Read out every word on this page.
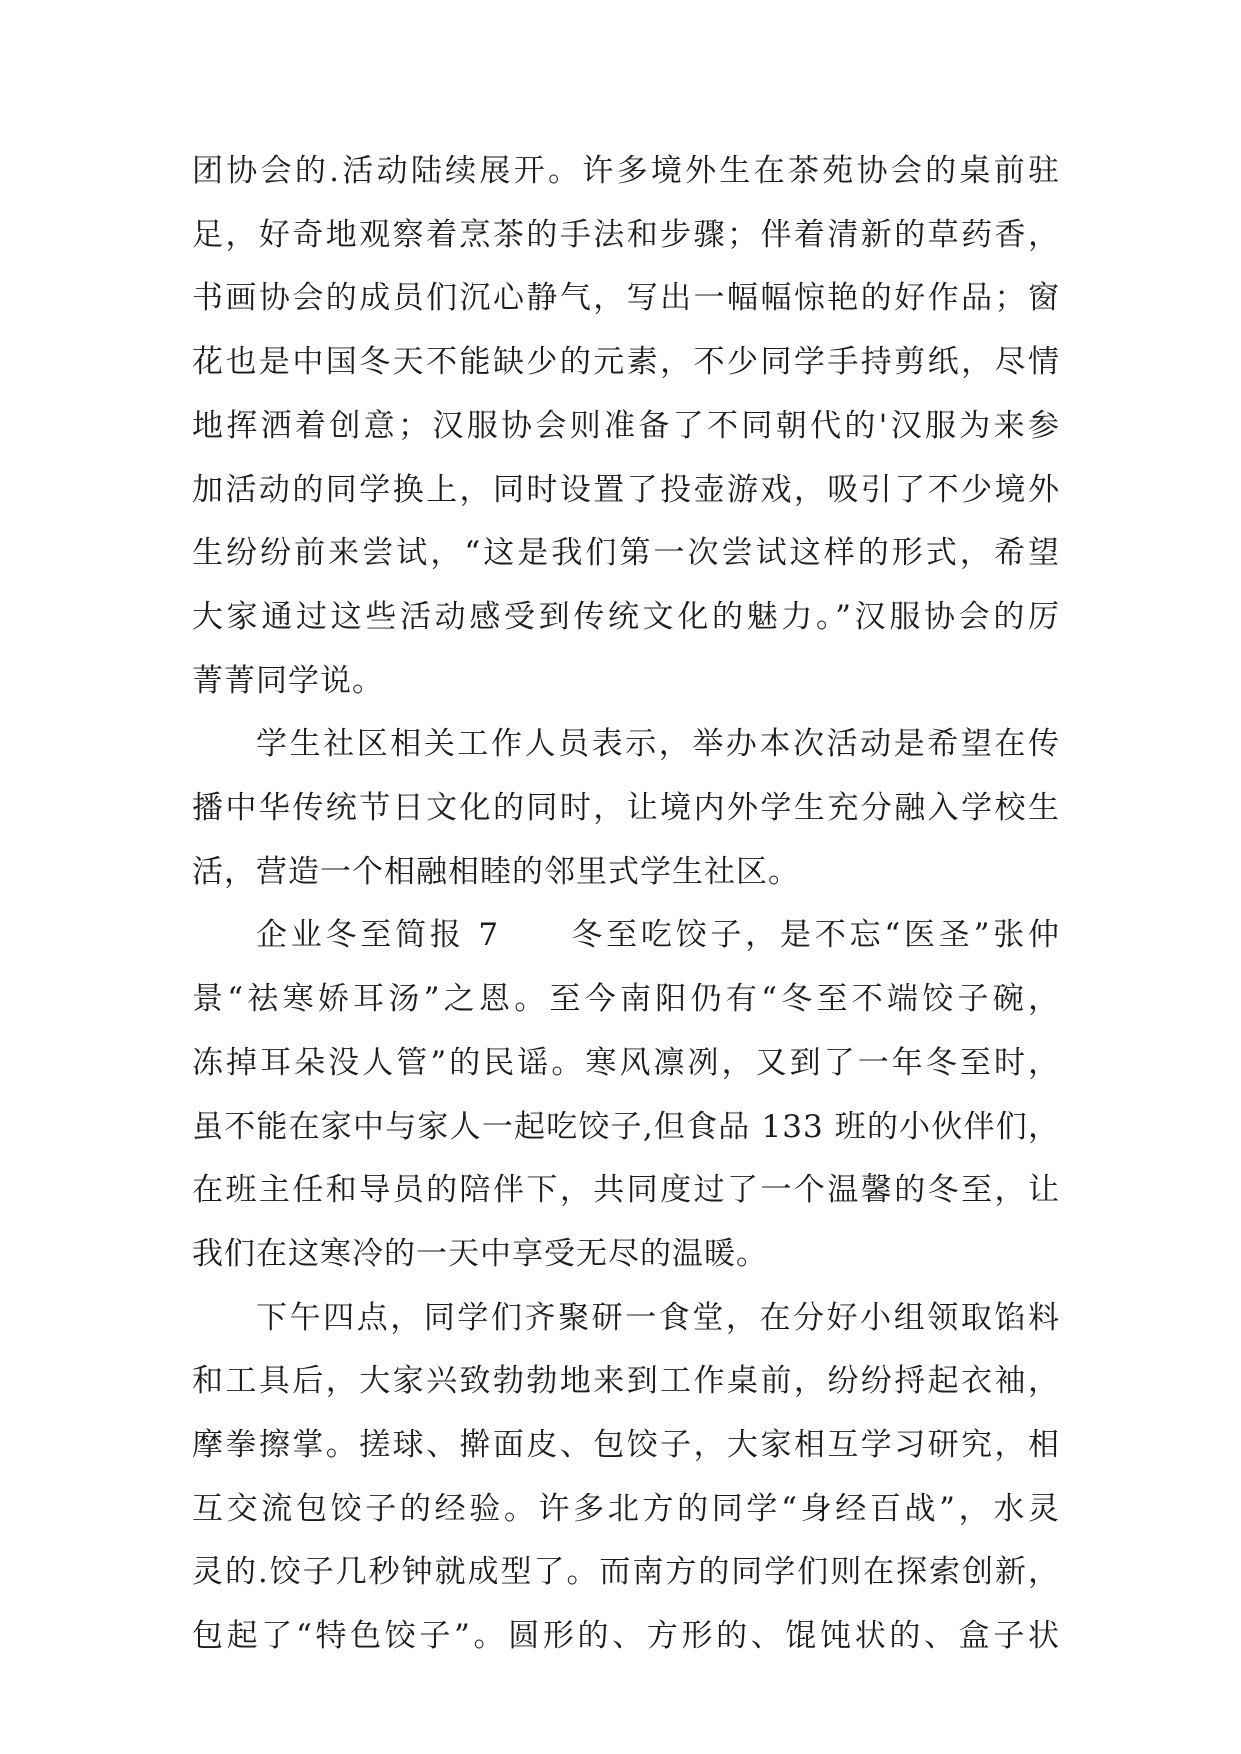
团协会的.活动陆续展开。许多境外生在茶苑协会的桌前驻
足，好奇地观察着烹茶的手法和步骤；伴着清新的草药香，
书画协会的成员们沉心静气，写出一幅幅惊艳的好作品；窗
花也是中国冬天不能缺少的元素，不少同学手持剪纸，尽情
地挥洒着创意；汉服协会则准备了不同朝代的'汉服为来参
加活动的同学换上，同时设置了投壶游戏，吸引了不少境外
生纷纷前来尝试，“这是我们第一次尝试这样的形式，希望
大家通过这些活动感受到传统文化的魅力。”汉服协会的厉
菁菁同学说。
学生社区相关工作人员表示，举办本次活动是希望在传
播中华传统节日文化的同时，让境内外学生充分融入学校生
活，营造一个相融相睦的邻里式学生社区。
企业冬至简报 7　　冬至吃饺子，是不忘“医圣”张仲
景“祛寒娇耳汤”之恩。至今南阳仍有“冬至不端饺子碗，
冻掉耳朵没人管”的民谣。寒风凛冽，又到了一年冬至时，
虽不能在家中与家人一起吃饺子,但食品 133 班的小伙伴们，
在班主任和导员的陪伴下，共同度过了一个温馨的冬至，让
我们在这寒冷的一天中享受无尽的温暖。
下午四点，同学们齐聚研一食堂，在分好小组领取馅料
和工具后，大家兴致勃勃地来到工作桌前，纷纷捋起衣袖，
摩拳擦掌。搓球、擀面皮、包饺子，大家相互学习研究，相
互交流包饺子的经验。许多北方的同学“身经百战”，水灵
灵的.饺子几秒钟就成型了。而南方的同学们则在探索创新，
包起了“特色饺子”。圆形的、方形的、馄饨状的、盒子状
